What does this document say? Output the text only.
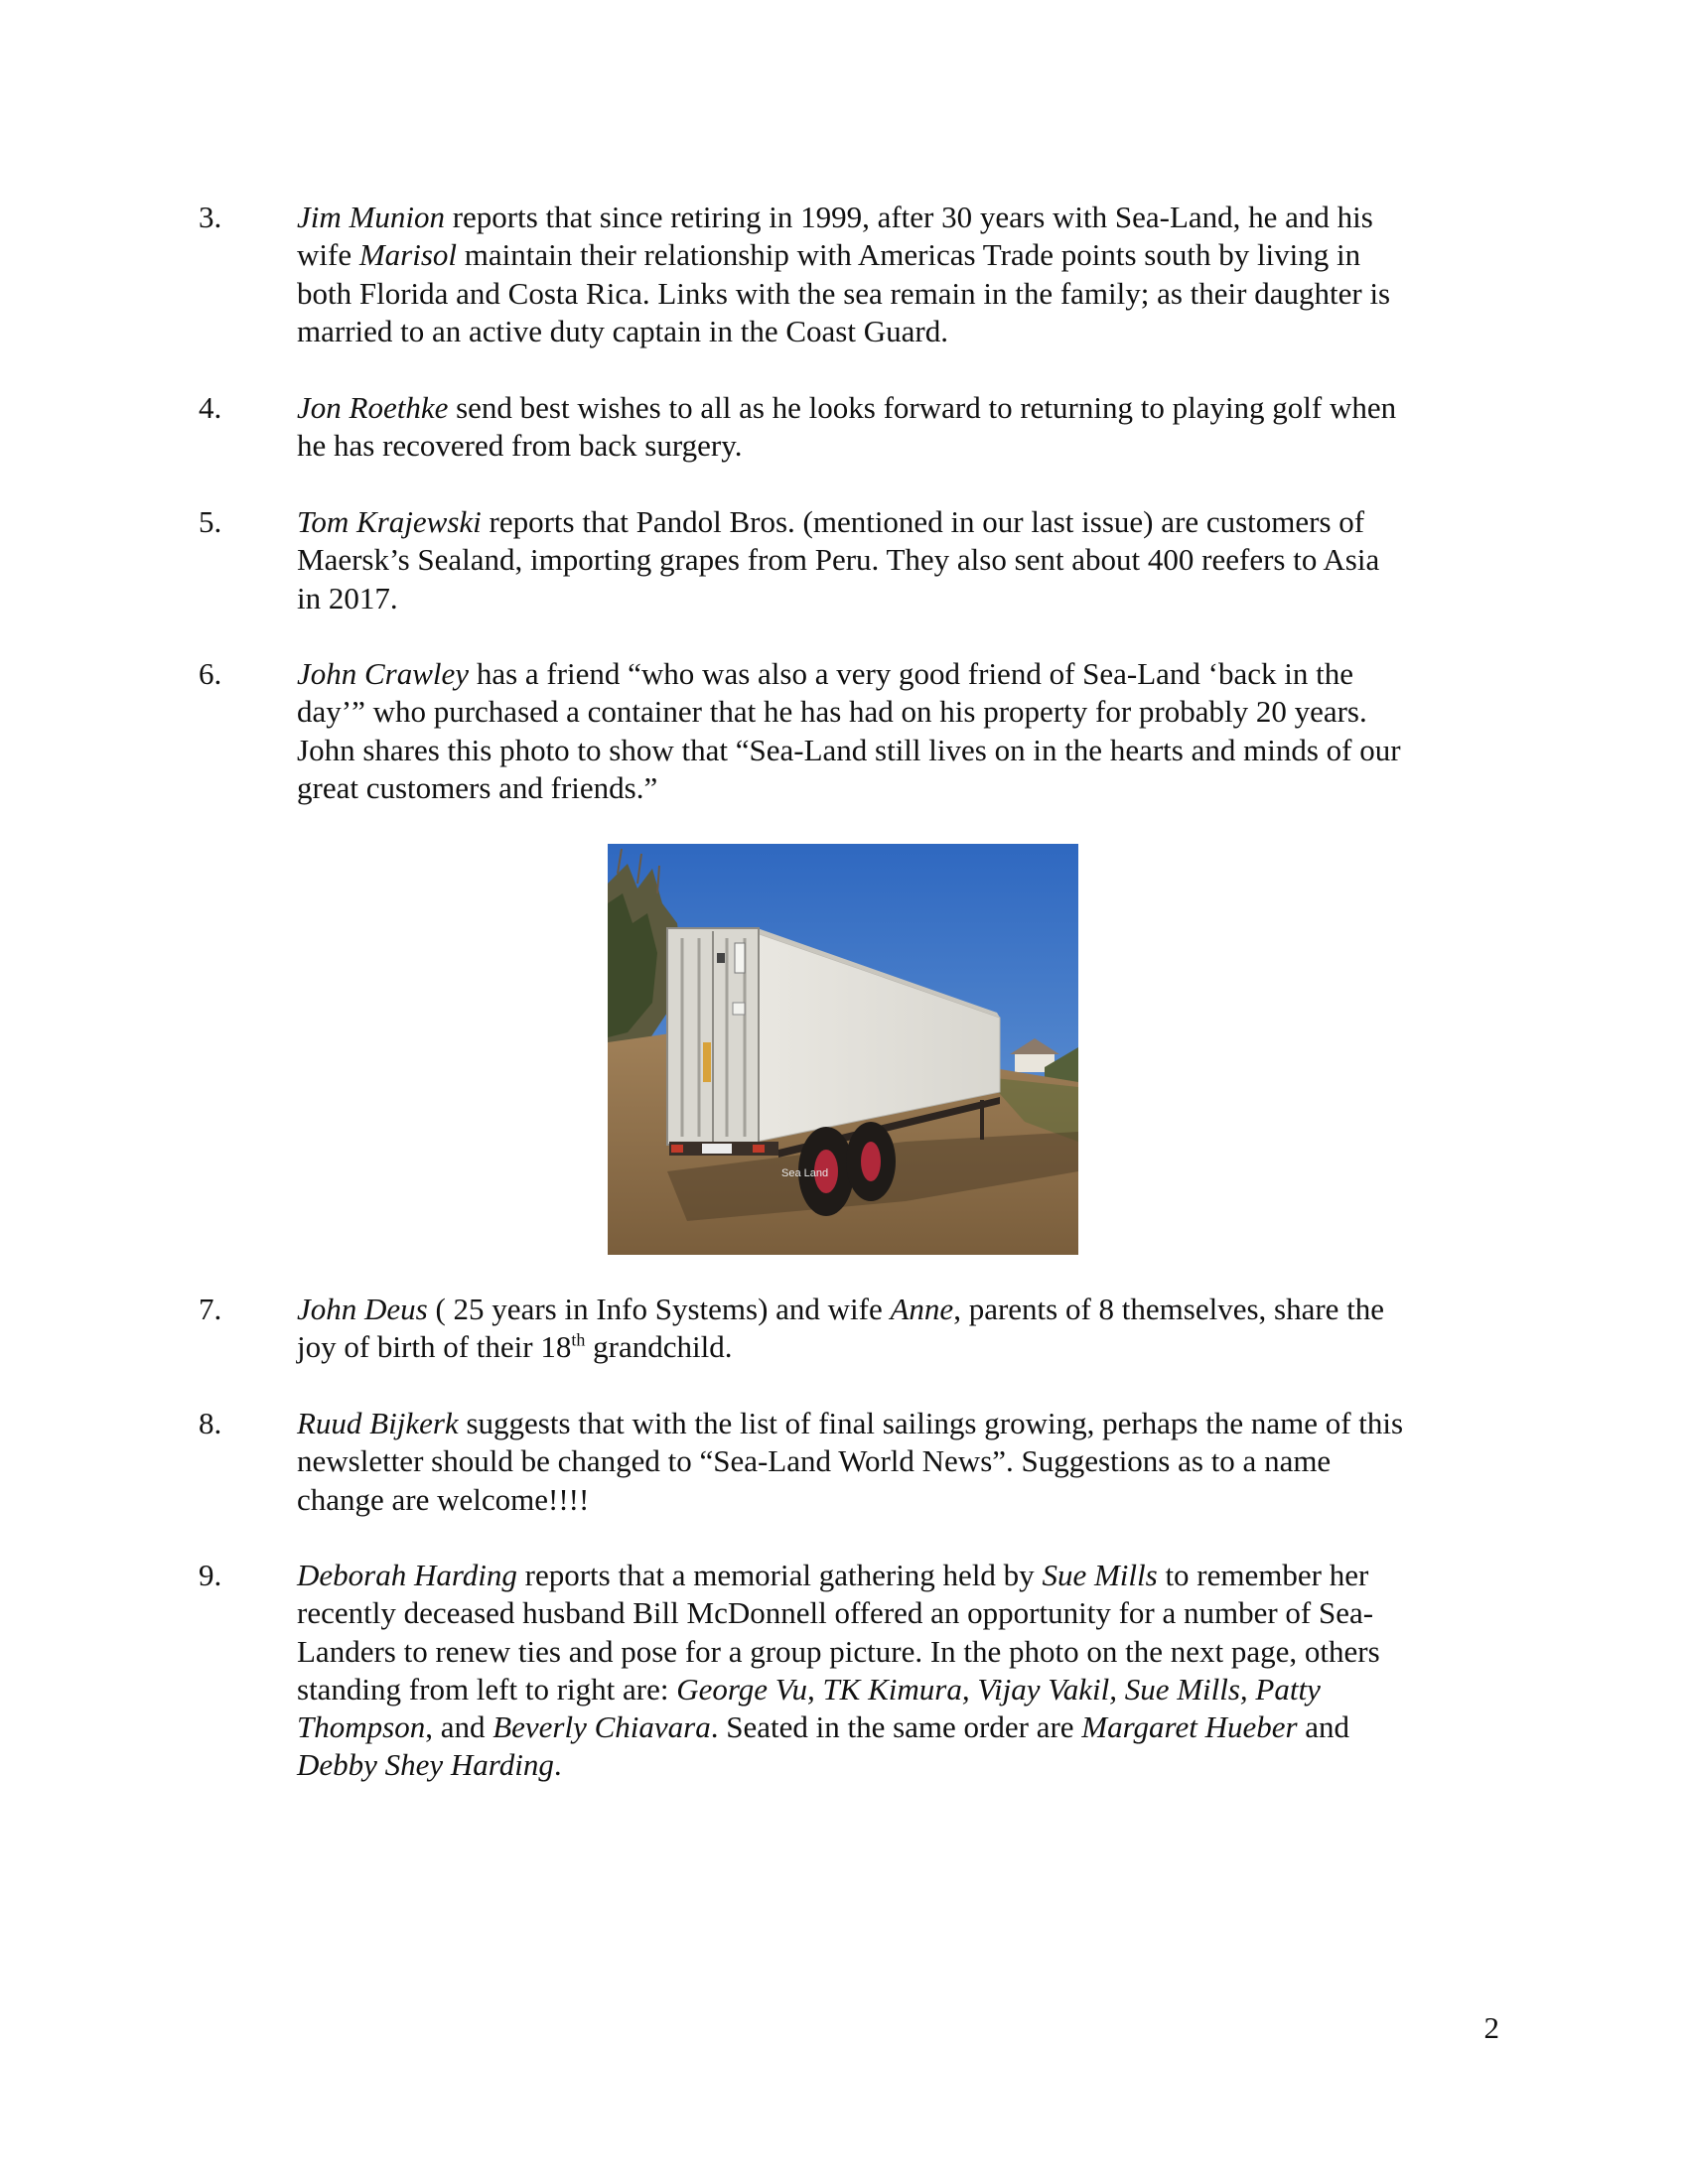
3.	Jim Munion reports that since retiring in 1999, after 30 years with Sea-Land, he and his
wife Marisol maintain their relationship with Americas Trade points south by living in
both Florida and Costa Rica. Links with the sea remain in the family; as their daughter is
married to an active duty captain in the Coast Guard.
4.	Jon Roethke send best wishes to all as he looks forward to returning to playing golf when
he has recovered from back surgery.
5.	Tom Krajewski reports that Pandol Bros. (mentioned in our last issue) are customers of
Maersk’s Sealand, importing grapes from Peru. They also sent about 400 reefers to Asia
in 2017.
6.	John Crawley has a friend “who was also a very good friend of Sea-Land ‘back in the
day’” who purchased a container that he has had on his property for probably 20 years.
John shares this photo to show that “Sea-Land still lives on in the hearts and minds of our
great customers and friends.”
Sea Land
7.	John Deus ( 25 years in Info Systems) and wife Anne, parents of 8 themselves, share the
joy of birth of their 18th grandchild.
8.	Ruud Bijkerk suggests that with the list of final sailings growing, perhaps the name of this
newsletter should be changed to “Sea-Land World News”. Suggestions as to a name
change are welcome!!!!
9.	Deborah Harding reports that a memorial gathering held by Sue Mills to remember her
recently deceased husband Bill McDonnell offered an opportunity for a number of Sea-
Landers to renew ties and pose for a group picture. In the photo on the next page, others
standing from left to right are: George Vu, TK Kimura, Vijay Vakil, Sue Mills, Patty
Thompson, and Beverly Chiavara. Seated in the same order are Margaret Hueber and
Debby Shey Harding.
2
